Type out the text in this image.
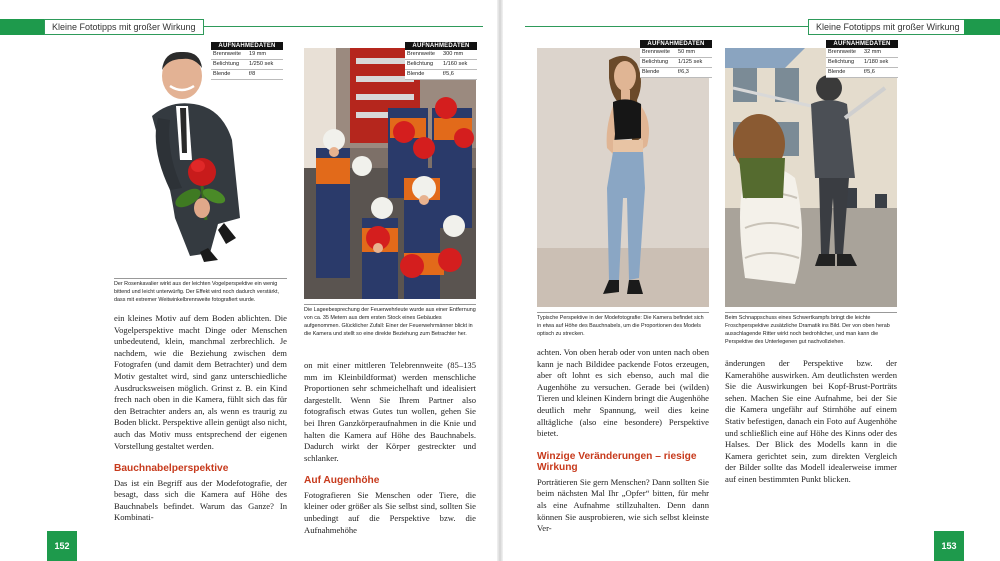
Kleine Fototipps mit großer Wirkung
AUFNAHMEDATEN
Brennweite	19 mm
Belichtung	1/250 sek
Blende	f/8
Der Rosenkavalier wirkt aus der leichten Vogelperspektive ein wenig bittend und leicht unterwürfig. Der Effekt wird noch dadurch verstärkt, dass mit extremer Weitwinkelbrennweite fotografiert wurde.
AUFNAHMEDATEN
Brennweite	300 mm
Belichtung	1/160 sek
Blende	f/5,6
Die Lageebesprechung der Feuerwehrleute wurde aus einer Entfernung von ca. 35 Metern aus dem ersten Stock eines Gebäudes aufgenommen. Glücklicher Zufall: Einer der Feuerwehrmänner blickt in die Kamera und stellt so eine direkte Beziehung zum Betrachter her.

ein kleines Motiv auf dem Boden ablichten. Die Vogelperspektive macht Dinge oder Menschen unbedeutend, klein, manchmal zerbrechlich. Je nachdem, wie die Beziehung zwischen dem Fotografen (und damit dem Betrachter) und dem Motiv gestaltet wird, sind ganz unterschiedliche Ausdrucksweisen möglich. Grinst z. B. ein Kind frech nach oben in die Kamera, fühlt sich das für den Betrachter anders an, als wenn es traurig zu Boden blickt. Perspektive allein genügt also nicht, auch das Motiv muss entsprechend der eigenen Vorstellung gestaltet werden.

Bauchnabelperspektive

Das ist ein Begriff aus der Modefotografie, der besagt, dass sich die Kamera auf Höhe des Bauchnabels befindet. Warum das Ganze? In Kombinati-

on mit einer mittleren Telebrennweite (85–135 mm im Kleinbildformat) werden menschliche Proportionen sehr schmeichelhaft und idealisiert dargestellt. Wenn Sie Ihrem Partner also fotografisch etwas Gutes tun wollen, gehen Sie bei Ihren Ganzkörperaufnahmen in die Knie und halten die Kamera auf Höhe des Bauchnabels. Dadurch wirkt der Körper gestreckter und schlanker.

Auf Augenhöhe

Fotografieren Sie Menschen oder Tiere, die kleiner oder größer als Sie selbst sind, sollten Sie unbedingt auf die Perspektive bzw. die Aufnahmehöhe

152
Kleine Fototipps mit großer Wirkung
AUFNAHMEDATEN
Brennweite	50 mm
Belichtung	1/125 sek
Blende	f/6,3
Typische Perspektive in der Modefotografie: Die Kamera befindet sich in etwa auf Höhe des Bauchnabels, um die Proportionen des Models optisch zu strecken.
AUFNAHMEDATEN
Brennweite	32 mm
Belichtung	1/180 sek
Blende	f/5,6
Beim Schnappschuss eines Schwertkampfs bringt die leichte Froschperspektive zusätzliche Dramatik ins Bild. Der von oben herab ausschlagende Ritter wirkt noch bedrohlicher, und man kann die Perspektive des Unterlegenen gut nachvollziehen.

achten. Von oben herab oder von unten nach oben kann je nach Bildidee packende Fotos erzeugen, aber oft lohnt es sich ebenso, auch mal die Augenhöhe zu versuchen. Gerade bei (wilden) Tieren und kleinen Kindern bringt die Augenhöhe deutlich mehr Spannung, weil dies keine alltägliche (also eine besondere) Perspektive bietet.

Winzige Veränderungen – riesige Wirkung

Porträtieren Sie gern Menschen? Dann sollten Sie beim nächsten Mal Ihr „Opfer“ bitten, für mehr als eine Aufnahme stillzuhalten. Denn dann können Sie ausprobieren, wie sich selbst kleinste Ver-

änderungen der Perspektive bzw. der Kamerahöhe auswirken. Am deutlichsten werden Sie die Auswirkungen bei Kopf-Brust-Porträts sehen. Machen Sie eine Aufnahme, bei der Sie die Kamera ungefähr auf Stirnhöhe auf einem Stativ befestigen, danach ein Foto auf Augenhöhe und schließlich eine auf Höhe des Kinns oder des Halses. Der Blick des Modells kann in die Kamera gerichtet sein, zum direkten Vergleich der Bilder sollte das Modell idealerweise immer auf einen bestimmten Punkt blicken.

153
